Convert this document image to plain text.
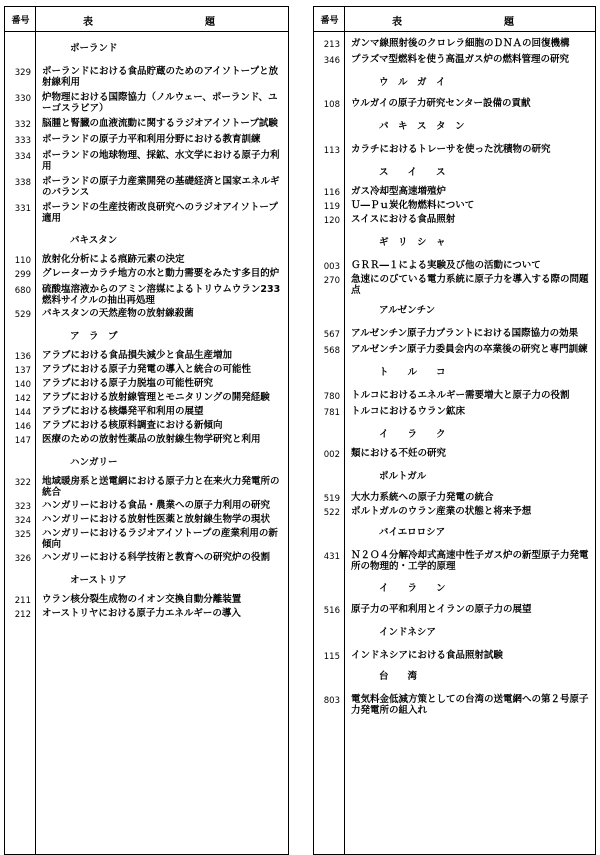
番号	表	題
ポーランド
329	ポーランドにおける食品貯蔵のためのアイソトープと放射線利用
330	炉物理における国際協力（ノルウェー、ポーランド、ユーゴスラビア）
332	脳腫と腎臓の血液流動に関するラジオアイソトープ試験
333	ポーランドの原子力平和利用分野における教育訓練
334	ポーランドの地球物理、採鉱、水文学における原子力利用
338	ポーランドの原子力産業開発の基礎経済と国家エネルギのバランス
331	ポーランドの生産技術改良研究へのラジオアイソトープ適用
パキスタン
110	放射化分析による痕跡元素の決定
299	グレーターカラチ地方の水と動力需要をみたす多目的炉
680	硫酸塩溶液からのアミン溶媒によるトリウムウラン233燃料サイクルの抽出再処理
529	パキスタンの天然産物の放射線殺菌
ア　ラ　ブ
136	アラブにおける食品損失減少と食品生産増加
137	アラブにおける原子力発電の導入と統合の可能性
140	アラブにおける原子力脱塩の可能性研究
142	アラブにおける放射線管理とモニタリングの開発経験
144	アラブにおける核爆発平和利用の展望
146	アラブにおける核原料調査における新傾向
147	医療のための放射性薬品の放射線生物学研究と利用
ハンガリー
322	地域暖房系と送電網における原子力と在来火力発電所の統合
323	ハンガリーにおける食品・農業への原子力利用の研究
324	ハンガリーにおける放射性医薬と放射線生物学の現状
325	ハンガリーにおけるラジオアイソトープの産業利用の新傾向
326	ハンガリーにおける科学技術と教育への研究炉の役割
オーストリア
211	ウラン核分裂生成物のイオン交換自動分離装置
212	オーストリヤにおける原子力エネルギーの導入
番号	表	題
213	ガンマ線照射後のクロレラ細胞のＤＮＡの回復機構
346	プラズマ型燃料を使う高温ガス炉の燃料管理の研究
ウ　ル　ガ　イ
108	ウルガイの原子力研究センター設備の貢献
パ　キ　ス　タ　ン
113	カラチにおけるトレーサを使った沈積物の研究
ス　　イ　　ス
116	ガス冷却型高速増殖炉
119	Ｕ―Ｐｕ炭化物燃料について
120	スイスにおける食品照射
ギ　リ　シ　ャ
003	ＧＲＲ―１による実験及び他の活動について
270	急速にのびている電力系統に原子力を導入する際の問題点
アルゼンチン
567	アルゼンチン原子力プラントにおける国際協力の効果
568	アルゼンチン原子力委員会内の卒業後の研究と専門訓練
ト　　ル　　コ
780	トルコにおけるエネルギー需要増大と原子力の役割
781	トルコにおけるウラン鉱床
イ　　ラ　　ク
002	類における不妊の研究
ポルトガル
519	大水力系統への原子力発電の統合
522	ポルトガルのウラン産業の状態と将来予想
バイエロロシア
431	Ｎ２Ｏ４分解冷却式高速中性子ガス炉の新型原子力発電所の物理的・工学的原理
イ　　ラ　　ン
516	原子力の平和利用とイランの原子力の展望
インドネシア
115	インドネシアにおける食品照射試験
台　　湾
803	電気料金低減方策としての台湾の送電網への第２号原子力発電所の組入れ
